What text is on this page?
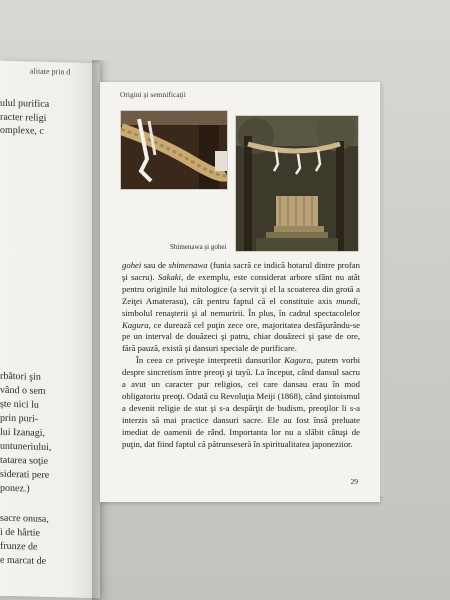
alitate prin d
ulul purifica
racter religi
omplexe, c
rbători şin
vând o sem
ște nici lu
prin puri-
lui Izanagi,
untuneriului,
tatarea soţie
siderati pere
ponez.)
sacre onusa,
i de hârtie
frunze de
e marcat de
Origini şi semnificaţii
Shimenawa şi gohei

gohei sau de shimenawa (funia sacră ce indică hotarul dintre profan şi sacru). Sakaki, de exemplu, este considerat arbore sfânt nu atât pentru originile lui mitologice (a servit şi el la scoaterea din grotă a Zeiţei Amaterasu), cât pentru faptul că el constituie axis mundi, simbolul renaşterii şi al nemuririi. În plus, în cadrul spectacolelor Kagura, ce durează cel puţin zece ore, majoritatea desfăşurându-se pe un interval de douăzeci şi patru, chiar douăzeci şi şase de ore, fără pauză, există şi dansuri speciale de purificare.

În ceea ce priveşte interpretii dansurilor Kagura, putem vorbi despre sincretism între preoţi şi tayū. La început, când dansul sacru a avut un caracter pur religios, cei care dansau erau în mod obligatoriu preoţi. Odată cu Revoluţia Meiji (1868), când şintoismul a devenit religie de stat şi s-a despărţit de budism, preoţilor li s-a interzis să mai practice dansuri sacre. Ele au fost însă preluate imediat de oamenii de rând. Importanta lor nu a slăbit câtuşi de puţin, dat fiind faptul că pătrunseseră în spiritualitatea japoneziior.

29
